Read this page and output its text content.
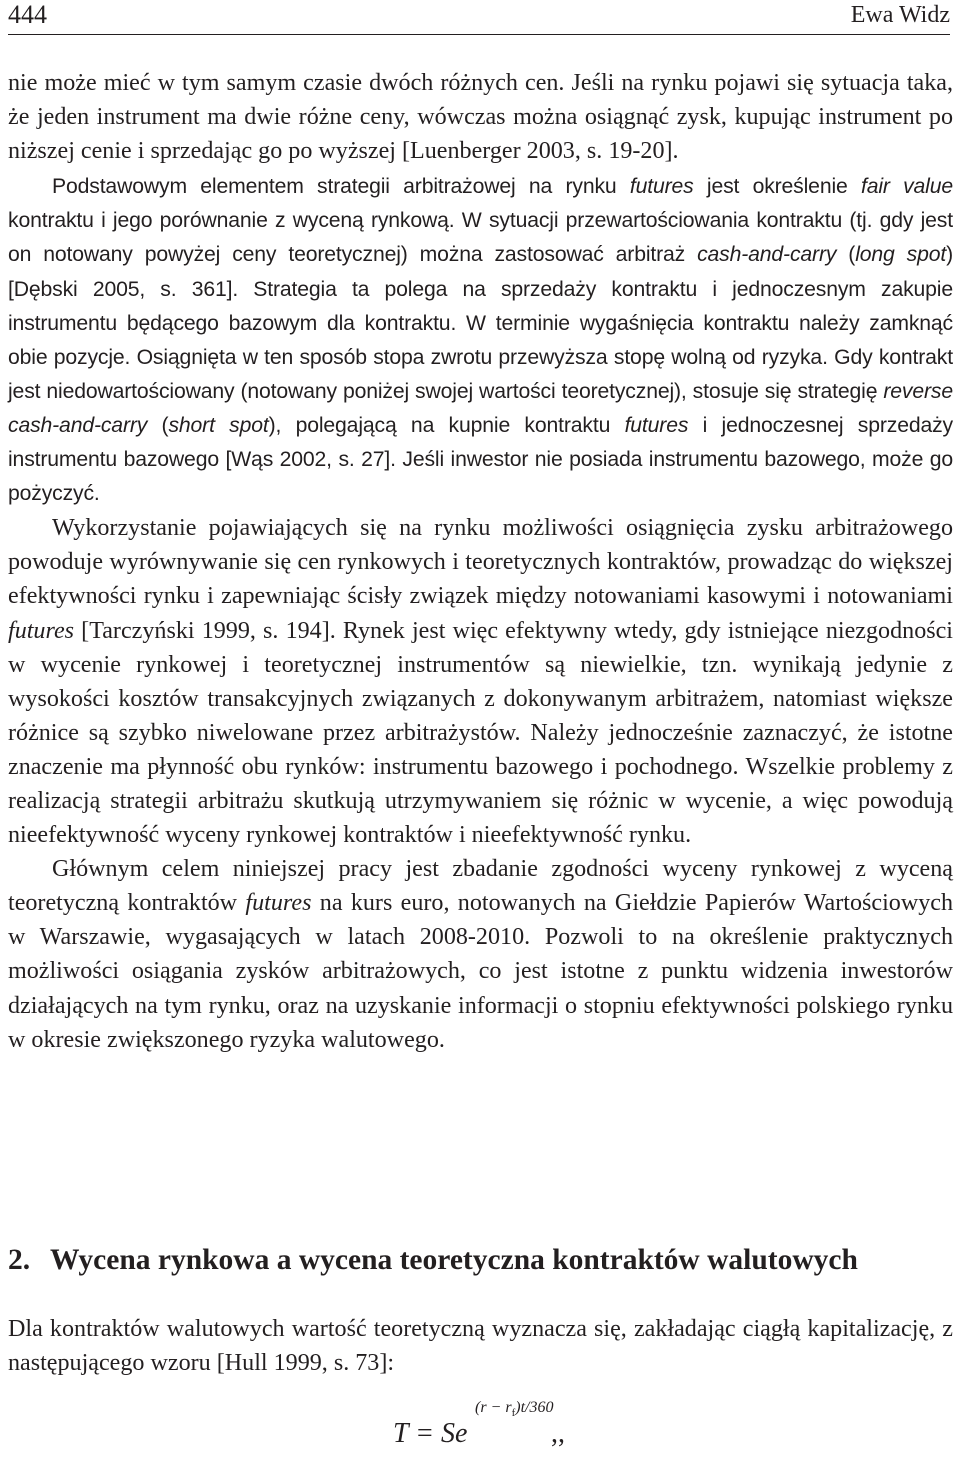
444	Ewa Widz

nie może mieć w tym samym czasie dwóch różnych cen. Jeśli na rynku pojawi się sytuacja taka, że jeden instrument ma dwie różne ceny, wówczas można osiągnąć zysk, kupując instrument po niższej cenie i sprzedając go po wyższej [Luenberger 2003, s. 19-20].

Podstawowym elementem strategii arbitrażowej na rynku futures jest określenie fair value kontraktu i jego porównanie z wyceną rynkową. W sytuacji przewartościowania kontraktu (tj. gdy jest on notowany powyżej ceny teoretycznej) można zastosować arbitraż cash-and-carry (long spot) [Dębski 2005, s. 361]. Strategia ta polega na sprzedaży kontraktu i jednoczesnym zakupie instrumentu będącego bazowym dla kontraktu. W terminie wygaśnięcia kontraktu należy zamknąć obie pozycje. Osiągnięta w ten sposób stopa zwrotu przewyższa stopę wolną od ryzyka. Gdy kontrakt jest niedowartościowany (notowany poniżej swojej wartości teoretycznej), stosuje się strategię reverse cash-and-carry (short spot), polegającą na kupnie kontraktu futures i jednoczesnej sprzedaży instrumentu bazowego [Wąs 2002, s. 27]. Jeśli inwestor nie posiada instrumentu bazowego, może go pożyczyć.

Wykorzystanie pojawiających się na rynku możliwości osiągnięcia zysku arbitrażowego powoduje wyrównywanie się cen rynkowych i teoretycznych kontraktów, prowadząc do większej efektywności rynku i zapewniając ścisły związek między notowaniami kasowymi i notowaniami futures [Tarczyński 1999, s. 194]. Rynek jest więc efektywny wtedy, gdy istniejące niezgodności w wycenie rynkowej i teoretycznej instrumentów są niewielkie, tzn. wynikają jedynie z wysokości kosztów transakcyjnych związanych z dokonywanym arbitrażem, natomiast większe różnice są szybko niwelowane przez arbitrażystów. Należy jednocześnie zaznaczyć, że istotne znaczenie ma płynność obu rynków: instrumentu bazowego i pochodnego. Wszelkie problemy z realizacją strategii arbitrażu skutkują utrzymywaniem się różnic w wycenie, a więc powodują nieefektywność wyceny rynkowej kontraktów i nieefektywność rynku.

Głównym celem niniejszej pracy jest zbadanie zgodności wyceny rynkowej z wyceną teoretyczną kontraktów futures na kurs euro, notowanych na Giełdzie Papierów Wartościowych w Warszawie, wygasających w latach 2008-2010. Pozwoli to na określenie praktycznych możliwości osiągania zysków arbitrażowych, co jest istotne z punktu widzenia inwestorów działających na tym rynku, oraz na uzyskanie informacji o stopniu efektywności polskiego rynku w okresie zwiększonego ryzyka walutowego.

2. Wycena rynkowa a wycena teoretyczna kontraktów walutowych

Dla kontraktów walutowych wartość teoretyczną wyznacza się, zakładając ciągłą kapitalizację, z następującego wzoru [Hull 1999, s. 73]:

T = Se
$(r - r_f)t/360$
,,
